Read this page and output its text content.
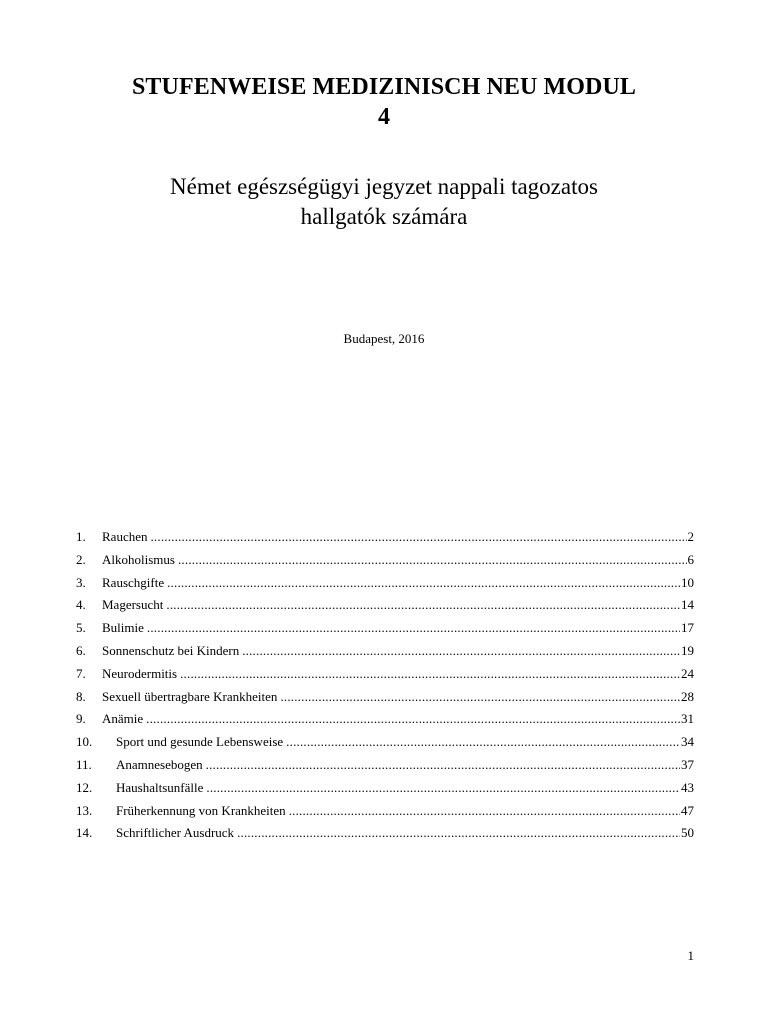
STUFENWEISE MEDIZINISCH NEU MODUL
4
Német egészségügyi jegyzet nappali tagozatos
hallgatók számára
Budapest, 2016
1.	Rauchen .....	2
2.	Alkoholismus .....	6
3.	Rauschgifte .....	10
4.	Magersucht .....	14
5.	Bulimie .....	17
6.	Sonnenschutz bei Kindern .....	19
7.	Neurodermitis .....	24
8.	Sexuell übertragbare Krankheiten .....	28
9.	Anämie .....	31
10.	Sport und gesunde Lebensweise .....	34
11.	Anamnesebogen .....	37
12.	Haushaltsunfälle .....	43
13.	Früherkennung von Krankheiten .....	47
14.	Schriftlicher Ausdruck .....	50
1
